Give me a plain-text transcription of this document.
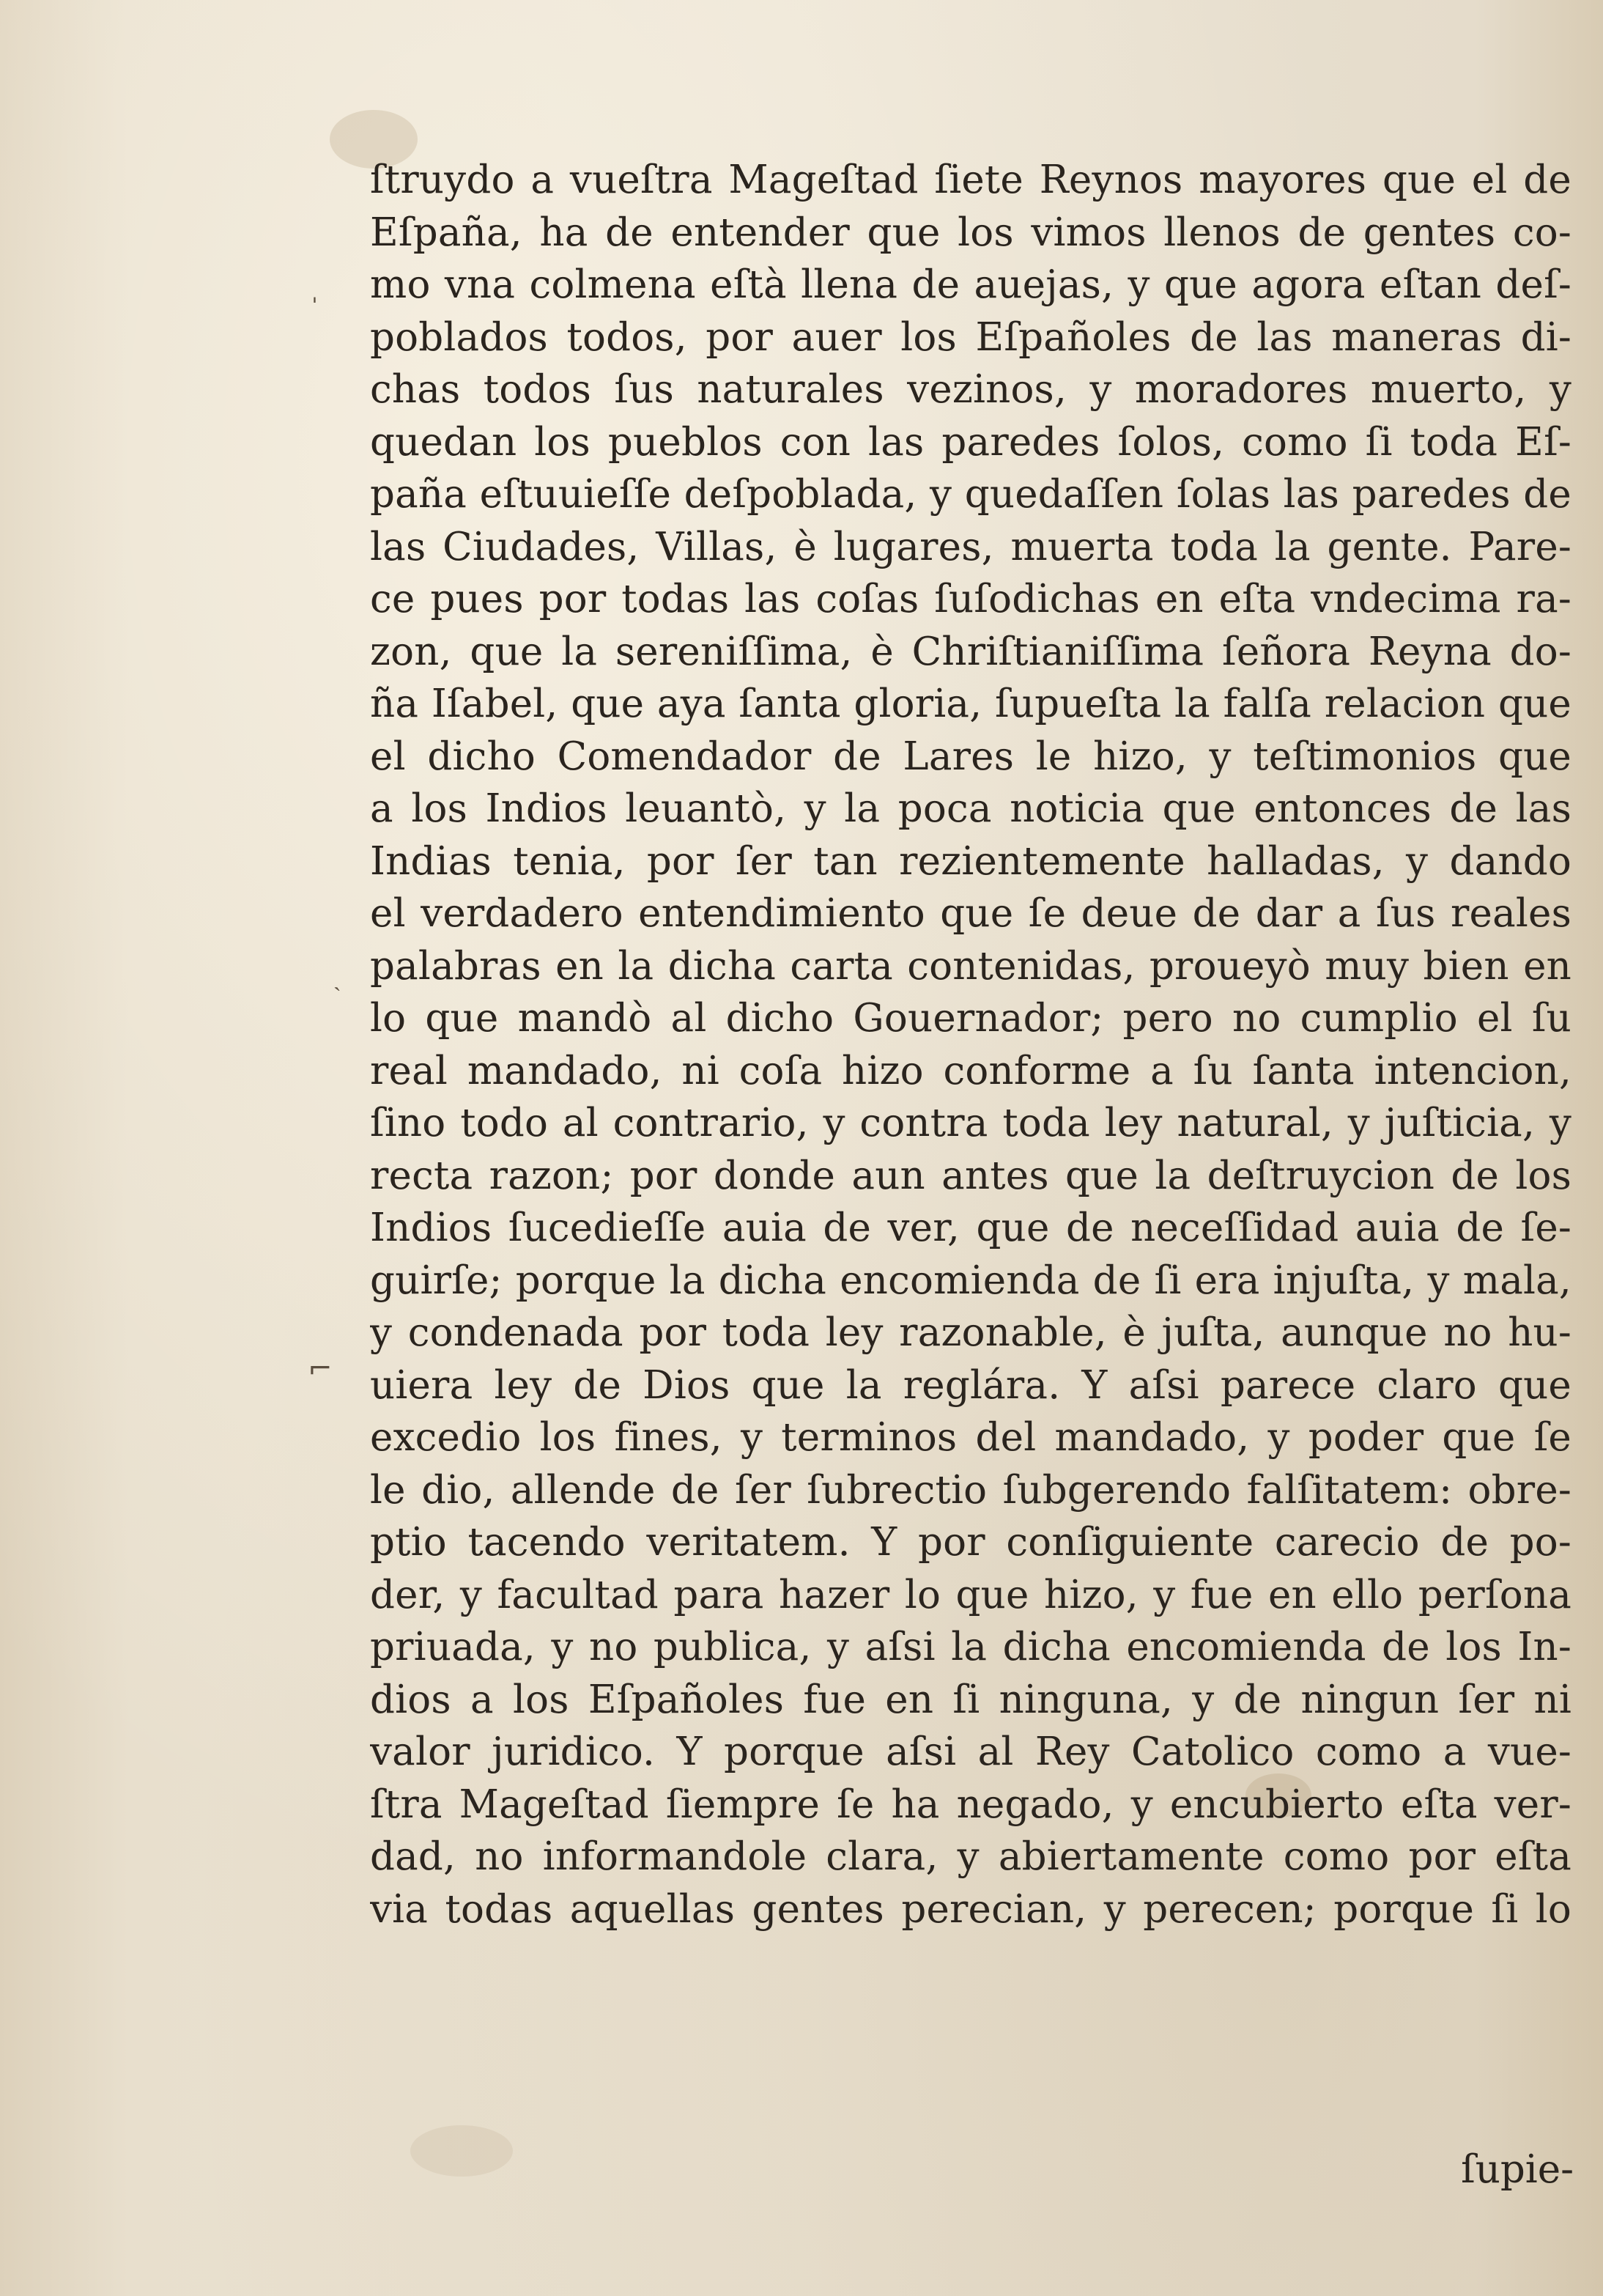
ˈ
ˏ
⌐
ſtruydo a vueſtra Mageſtad ſiete Reynos mayores que el de
Eſpaña, ha de entender que los vimos llenos de gentes co-
mo vna colmena eſtà llena de auejas, y que agora eſtan deſ-
poblados todos, por auer los Eſpañoles de las maneras di-
chas todos ſus naturales vezinos, y moradores muerto, y
quedan los pueblos con las paredes ſolos, como ſi toda Eſ-
paña eſtuuieſſe deſpoblada, y quedaſſen ſolas las paredes de
las Ciudades, Villas, è lugares, muerta toda la gente. Pare-
ce pues por todas las coſas ſuſodichas en eſta vndecima ra-
zon, que la sereniſſima, è Chriſtianiſſima ſeñora Reyna do-
ña Iſabel, que aya ſanta gloria, ſupueſta la falſa relacion que
el dicho Comendador de Lares le hizo, y teſtimonios que
a los Indios leuantò, y la poca noticia que entonces de las
Indias tenia, por ſer tan rezientemente halladas, y dando
el verdadero entendimiento que ſe deue de dar a ſus reales
palabras en la dicha carta contenidas, proueyò muy bien en
lo que mandò al dicho Gouernador; pero no cumplio el ſu
real mandado, ni coſa hizo conforme a ſu ſanta intencion,
ſino todo al contrario, y contra toda ley natural, y juſticia, y
recta razon; por donde aun antes que la deſtruycion de los
Indios ſucedieſſe auia de ver, que de neceſſidad auia de ſe-
guirſe; porque la dicha encomienda de ſi era injuſta, y mala,
y condenada por toda ley razonable, è juſta, aunque no hu-
uiera ley de Dios que la reglára. Y aſsi parece claro que
excedio los fines, y terminos del mandado, y poder que ſe
le dio, allende de ſer ſubrectio ſubgerendo falſitatem: obre-
ptio tacendo veritatem. Y por conſiguiente carecio de po-
der, y facultad para hazer lo que hizo, y fue en ello perſona
priuada, y no publica, y aſsi la dicha encomienda de los In-
dios a los Eſpañoles fue en ſi ninguna, y de ningun ſer ni
valor juridico. Y porque aſsi al Rey Catolico como a vue-
ſtra Mageſtad ſiempre ſe ha negado, y encubierto eſta ver-
dad, no informandole clara, y abiertamente como por eſta
via todas aquellas gentes perecian, y perecen; porque ſi lo
ſupie-
